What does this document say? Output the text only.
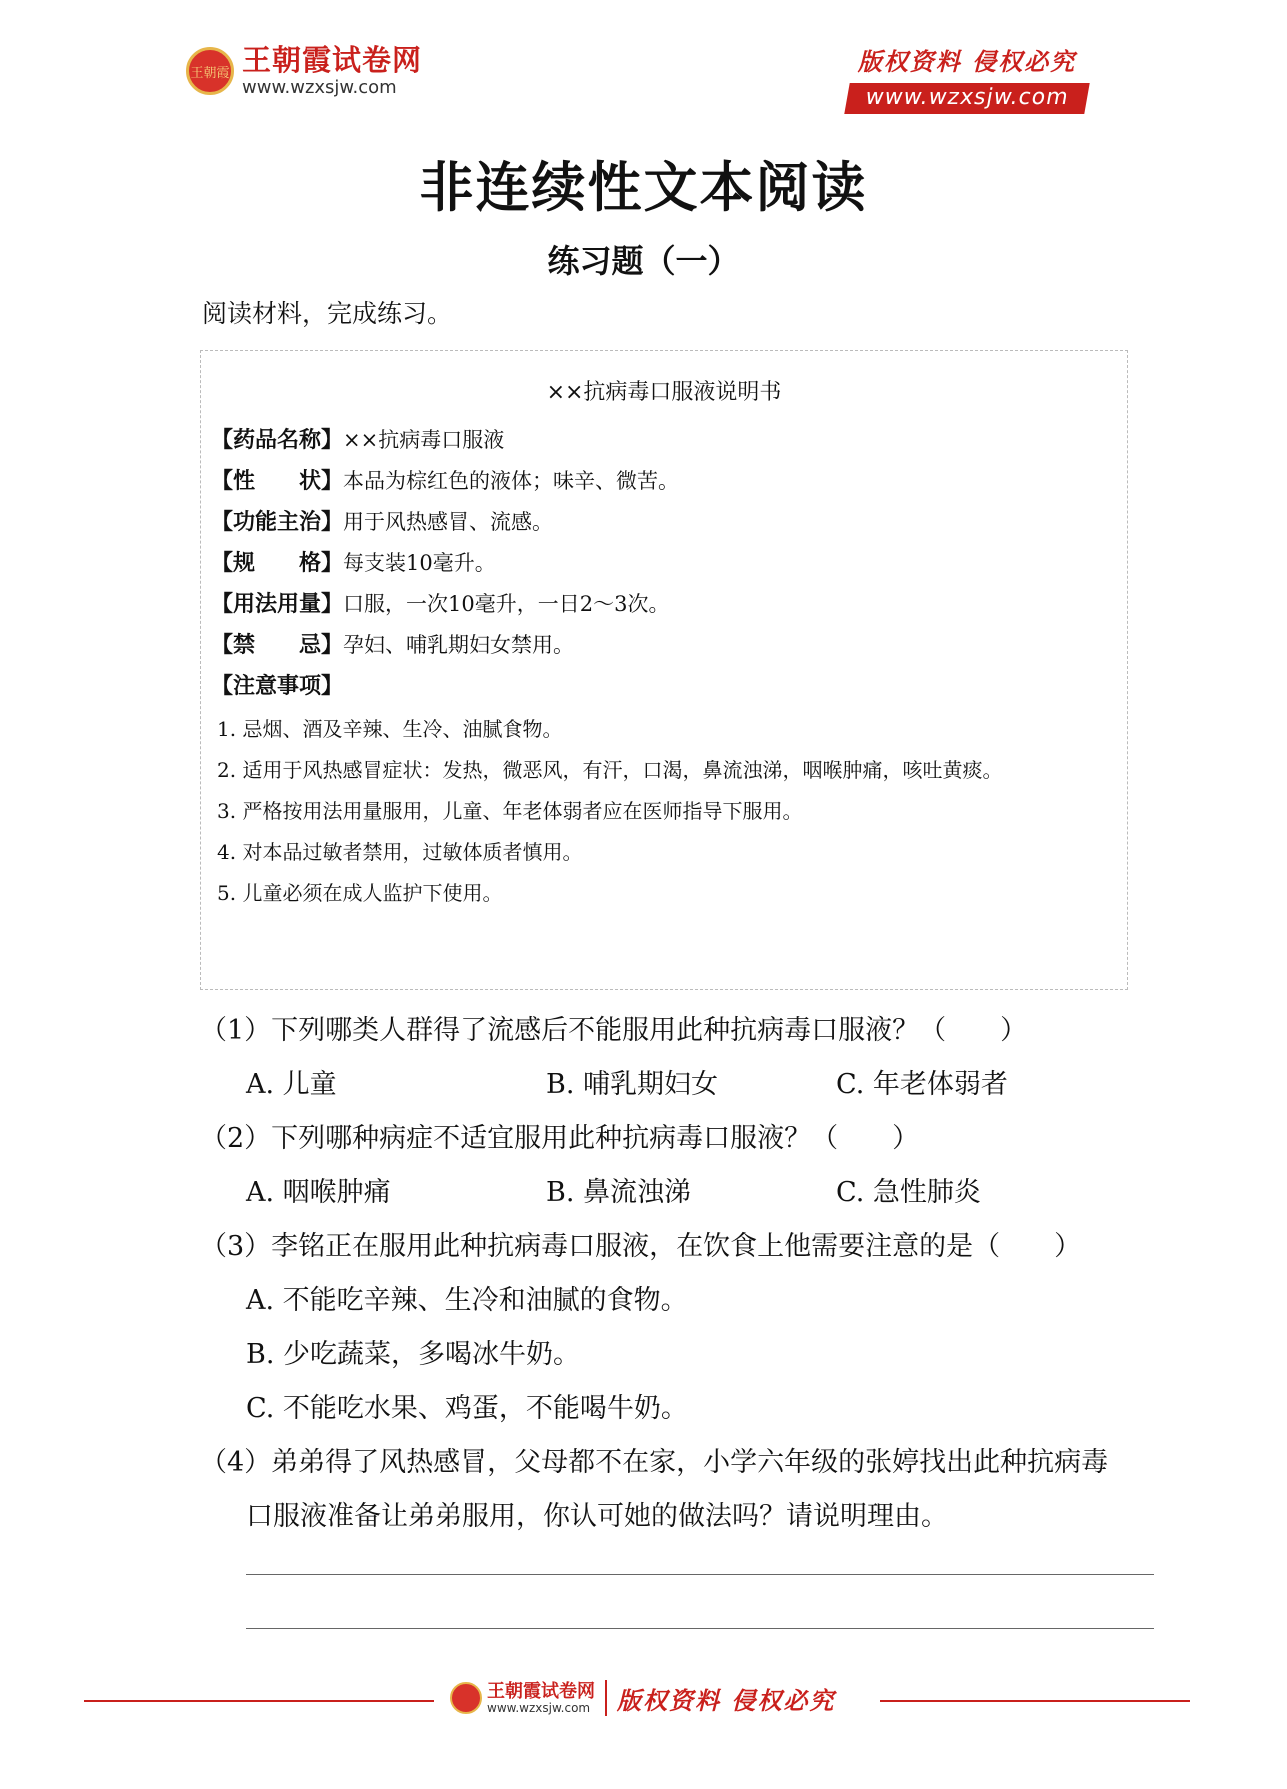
王朝霞 王朝霞试卷网
www.wzxsjw.com
版权资料 侵权必究
www.wzxsjw.com
非连续性文本阅读
练习题（一）
阅读材料，完成练习。
××抗病毒口服液说明书
【药品名称】××抗病毒口服液
【性　　状】本品为棕红色的液体；味辛、微苦。
【功能主治】用于风热感冒、流感。
【规　　格】每支装10毫升。
【用法用量】口服，一次10毫升，一日2～3次。
【禁　　忌】孕妇、哺乳期妇女禁用。
【注意事项】
1. 忌烟、酒及辛辣、生冷、油腻食物。
2. 适用于风热感冒症状：发热，微恶风，有汗，口渴，鼻流浊涕，咽喉肿痛，咳吐黄痰。
3. 严格按用法用量服用，儿童、年老体弱者应在医师指导下服用。
4. 对本品过敏者禁用，过敏体质者慎用。
5. 儿童必须在成人监护下使用。
（1）下列哪类人群得了流感后不能服用此种抗病毒口服液？（　　）
A. 儿童	B. 哺乳期妇女	C. 年老体弱者
（2）下列哪种病症不适宜服用此种抗病毒口服液？（　　）
A. 咽喉肿痛	B. 鼻流浊涕	C. 急性肺炎
（3）李铭正在服用此种抗病毒口服液，在饮食上他需要注意的是（　　）
A. 不能吃辛辣、生冷和油腻的食物。
B. 少吃蔬菜，多喝冰牛奶。
C. 不能吃水果、鸡蛋，不能喝牛奶。
（4）弟弟得了风热感冒，父母都不在家，小学六年级的张婷找出此种抗病毒
口服液准备让弟弟服用，你认可她的做法吗？请说明理由。
王朝霞试卷网
www.wzxsjw.com 版权资料 侵权必究
